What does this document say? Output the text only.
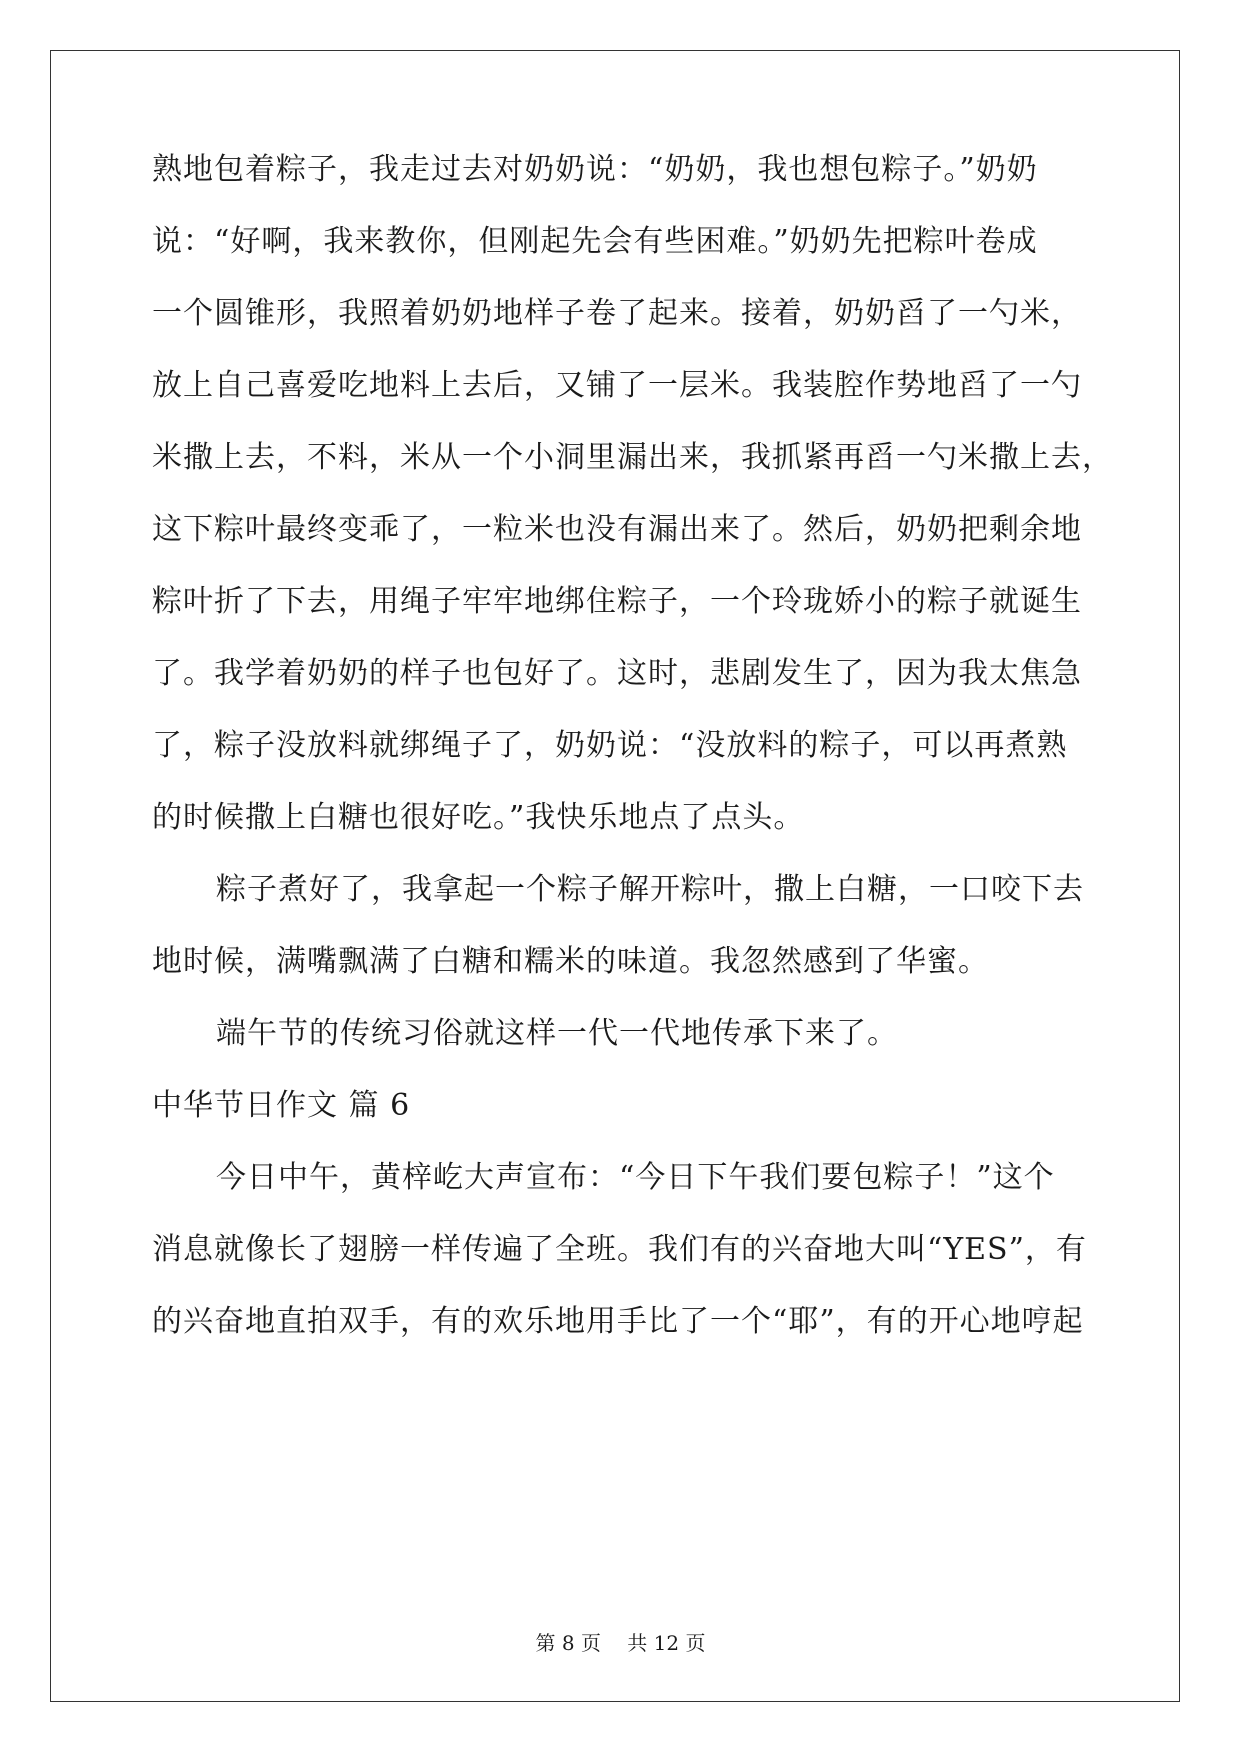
熟地包着粽子，我走过去对奶奶说：“奶奶，我也想包粽子。”奶奶
说：“好啊，我来教你，但刚起先会有些困难。”奶奶先把粽叶卷成
一个圆锥形，我照着奶奶地样子卷了起来。接着，奶奶舀了一勺米，
放上自己喜爱吃地料上去后，又铺了一层米。我装腔作势地舀了一勺
米撒上去，不料，米从一个小洞里漏出来，我抓紧再舀一勺米撒上去，
这下粽叶最终变乖了，一粒米也没有漏出来了。然后，奶奶把剩余地
粽叶折了下去，用绳子牢牢地绑住粽子，一个玲珑娇小的粽子就诞生
了。我学着奶奶的样子也包好了。这时，悲剧发生了，因为我太焦急
了，粽子没放料就绑绳子了，奶奶说：“没放料的粽子，可以再煮熟
的时候撒上白糖也很好吃。”我快乐地点了点头。
粽子煮好了，我拿起一个粽子解开粽叶，撒上白糖，一口咬下去
地时候，满嘴飘满了白糖和糯米的味道。我忽然感到了华蜜。
端午节的传统习俗就这样一代一代地传承下来了。
中华节日作文 篇 6
今日中午，黄梓屹大声宣布：“今日下午我们要包粽子！”这个
消息就像长了翅膀一样传遍了全班。我们有的兴奋地大叫“YES”，有
的兴奋地直拍双手，有的欢乐地用手比了一个“耶”，有的开心地哼起
第 8 页　 共 12 页
